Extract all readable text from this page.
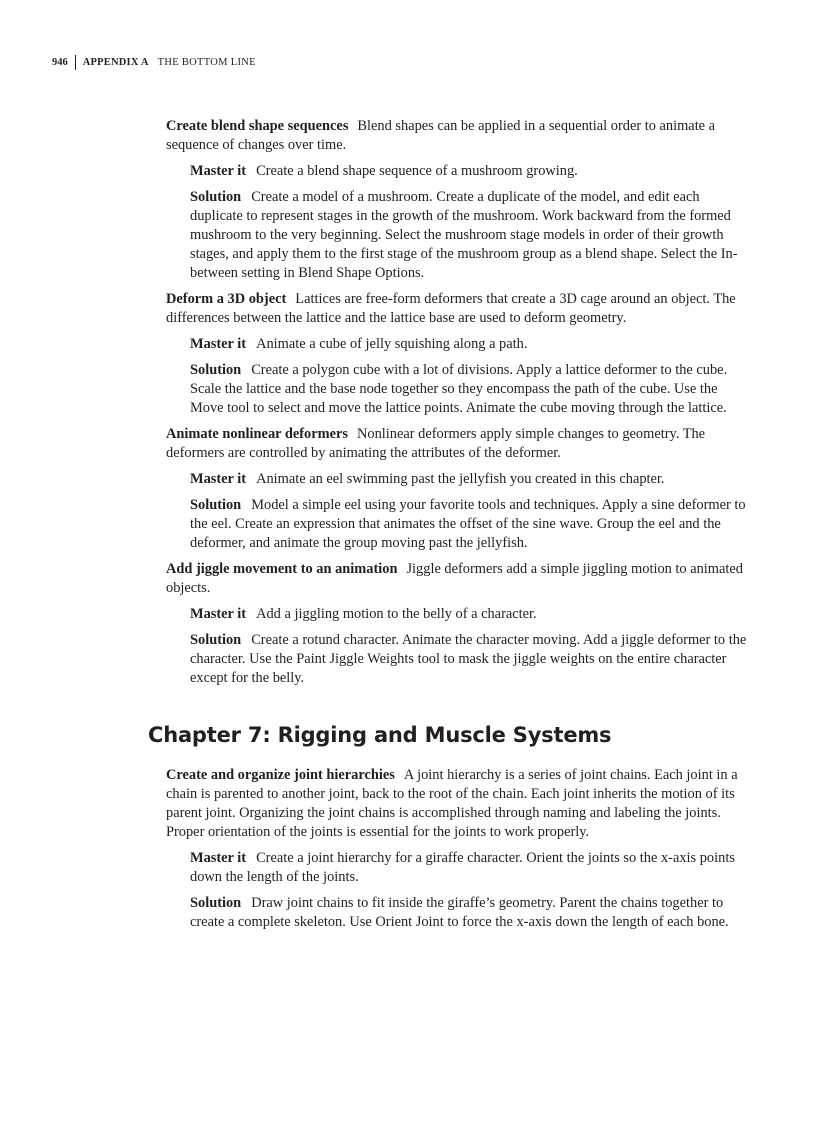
946	APPENDIX A THE BOTTOM LINE

Create blend shape sequences Blend shapes can be applied in a sequential order to animate a sequence of changes over time.

Master it Create a blend shape sequence of a mushroom growing.

Solution Create a model of a mushroom. Create a duplicate of the model, and edit each duplicate to represent stages in the growth of the mushroom. Work backward from the formed mushroom to the very beginning. Select the mushroom stage models in order of their growth stages, and apply them to the first stage of the mushroom group as a blend shape. Select the In-between setting in Blend Shape Options.

Deform a 3D object Lattices are free-form deformers that create a 3D cage around an object. The differences between the lattice and the lattice base are used to deform geometry.

Master it Animate a cube of jelly squishing along a path.

Solution Create a polygon cube with a lot of divisions. Apply a lattice deformer to the cube. Scale the lattice and the base node together so they encompass the path of the cube. Use the Move tool to select and move the lattice points. Animate the cube moving through the lattice.

Animate nonlinear deformers Nonlinear deformers apply simple changes to geometry. The deformers are controlled by animating the attributes of the deformer.

Master it Animate an eel swimming past the jellyfish you created in this chapter.

Solution Model a simple eel using your favorite tools and techniques. Apply a sine deformer to the eel. Create an expression that animates the offset of the sine wave. Group the eel and the deformer, and animate the group moving past the jellyfish.

Add jiggle movement to an animation Jiggle deformers add a simple jiggling motion to animated objects.

Master it Add a jiggling motion to the belly of a character.

Solution Create a rotund character. Animate the character moving. Add a jiggle deformer to the character. Use the Paint Jiggle Weights tool to mask the jiggle weights on the entire character except for the belly.

Chapter 7: Rigging and Muscle Systems

Create and organize joint hierarchies A joint hierarchy is a series of joint chains. Each joint in a chain is parented to another joint, back to the root of the chain. Each joint inherits the motion of its parent joint. Organizing the joint chains is accomplished through naming and labeling the joints. Proper orientation of the joints is essential for the joints to work properly.

Master it Create a joint hierarchy for a giraffe character. Orient the joints so the x-axis points down the length of the joints.

Solution Draw joint chains to fit inside the giraffe’s geometry. Parent the chains together to create a complete skeleton. Use Orient Joint to force the x-axis down the length of each bone.
